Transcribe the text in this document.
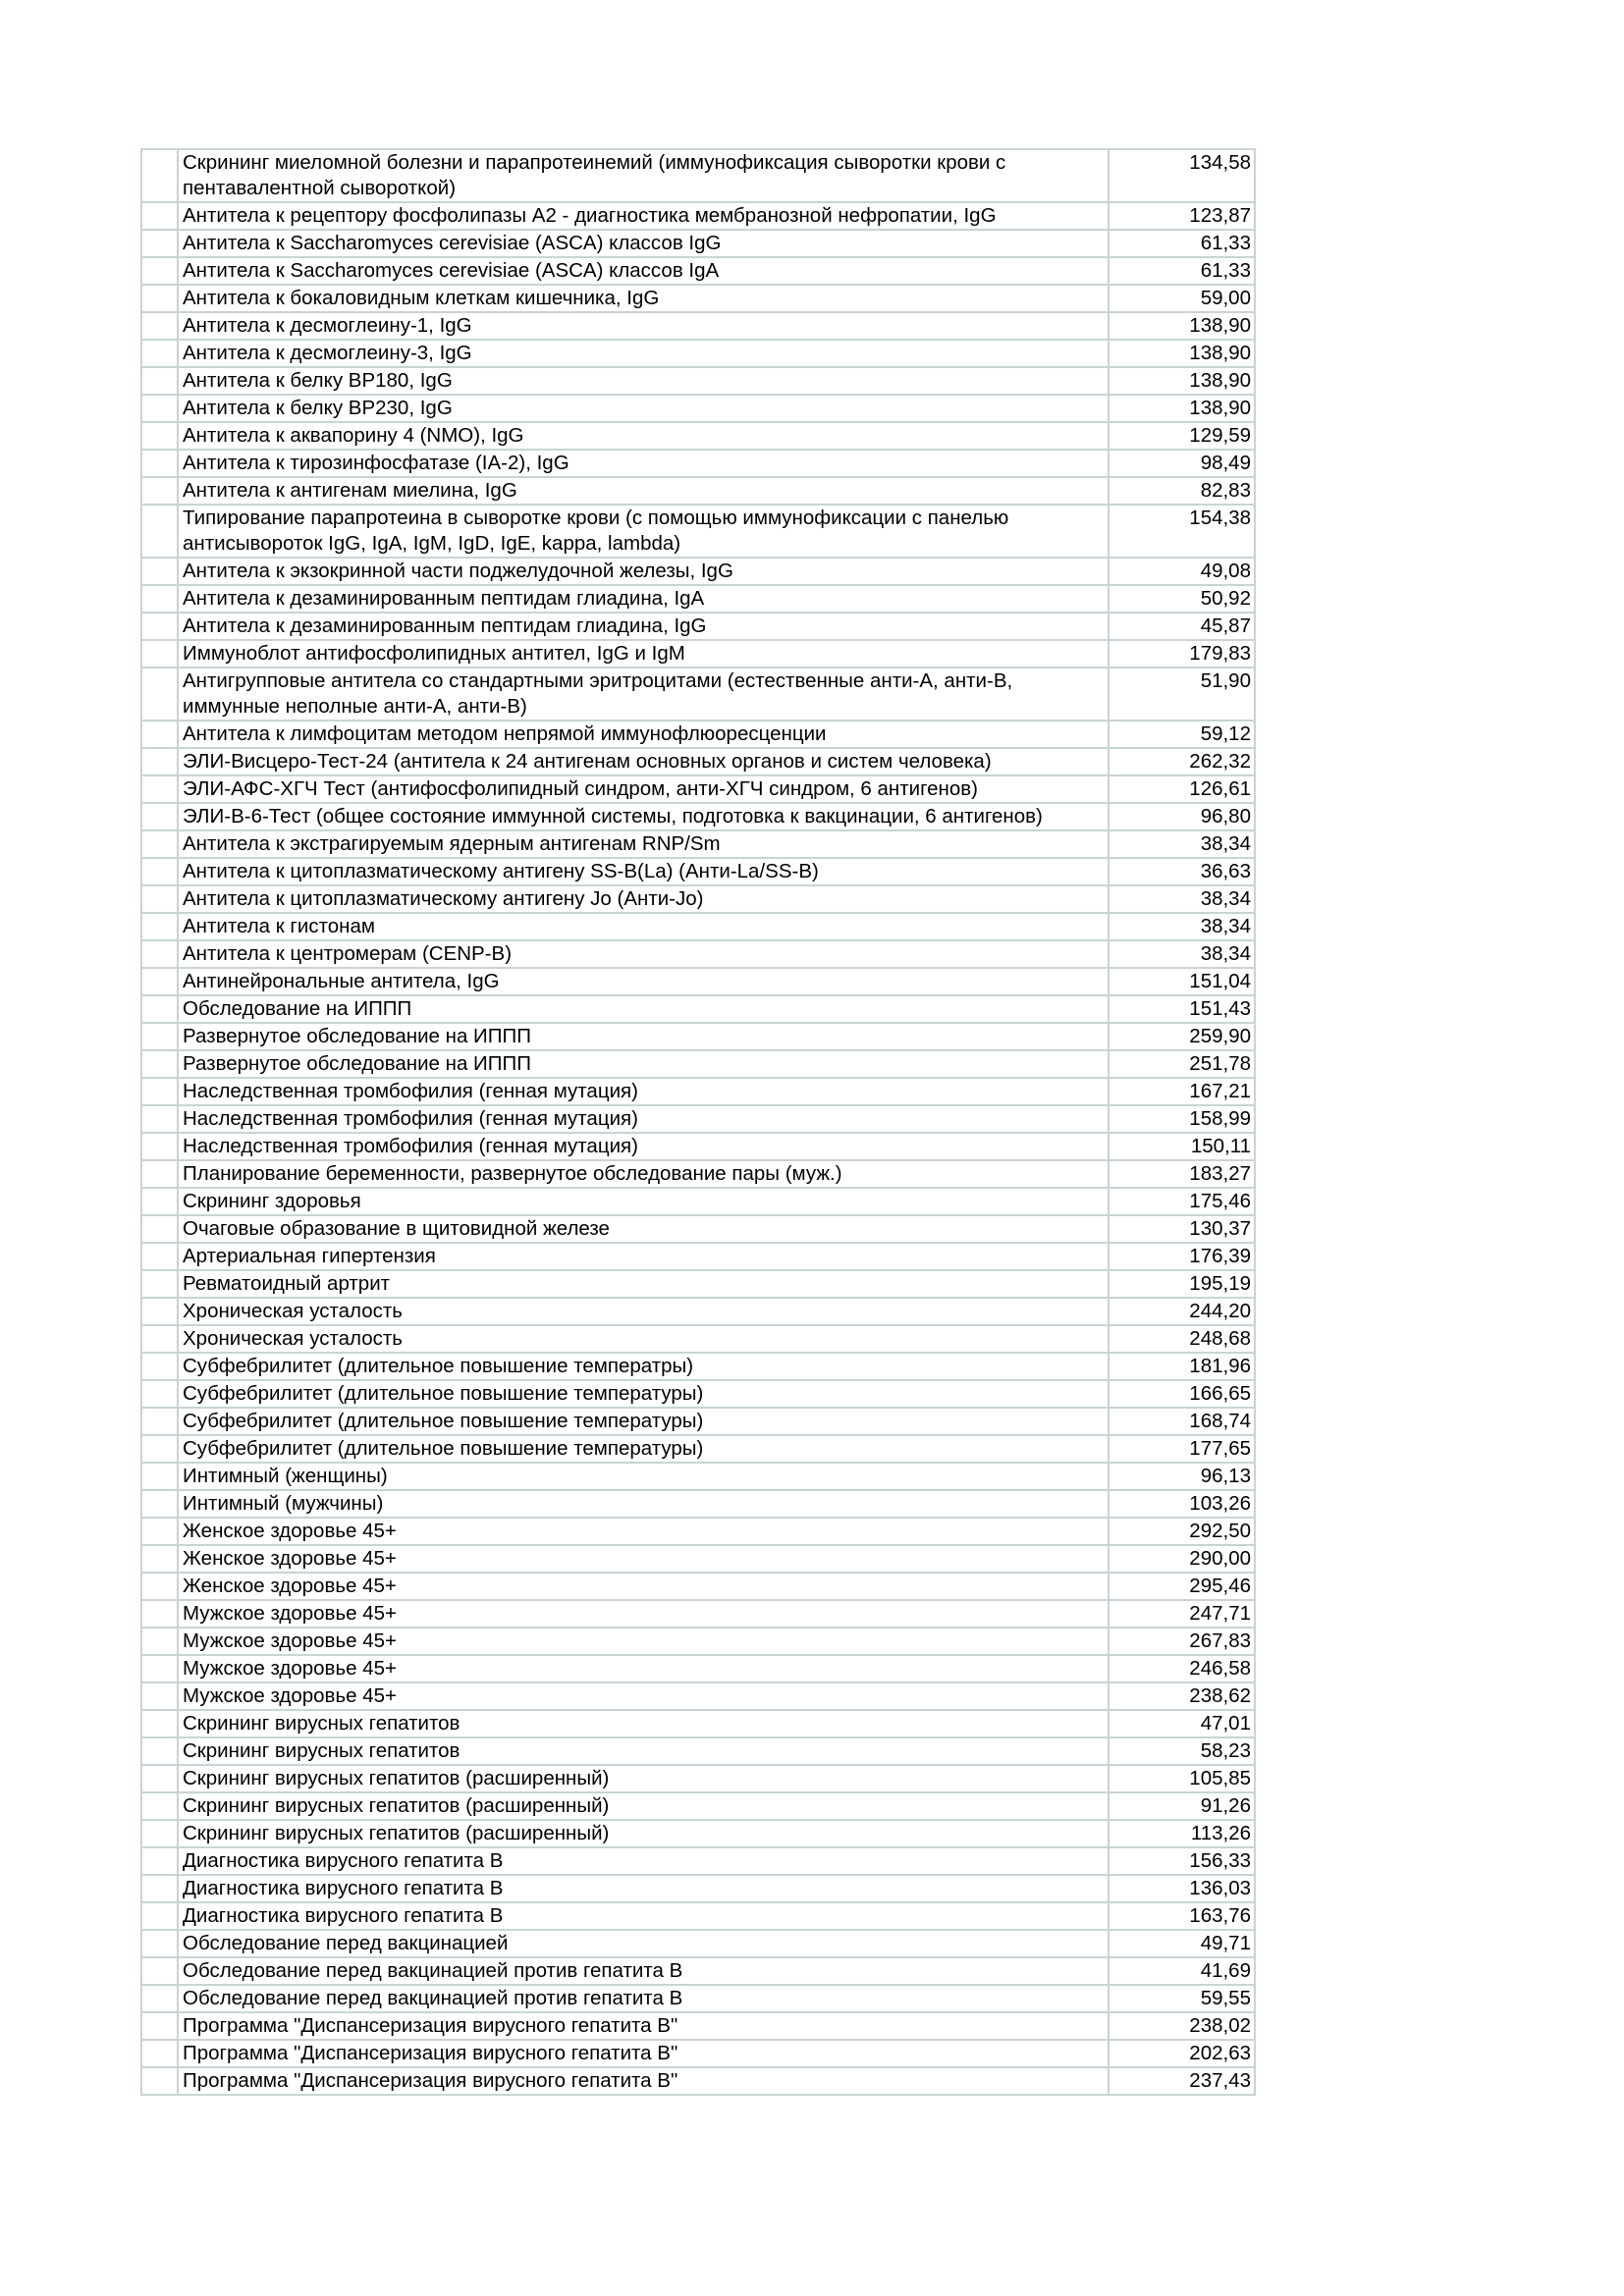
	Скрининг миеломной болезни и парапротеинемий (иммунофиксация сыворотки крови с пентавалентной сывороткой)	134,58
	Антитела к рецептору фосфолипазы А2 - диагностика мембранозной нефропатии, IgG	123,87
	Антитела к Saccharomyces cerevisiae (ASCA) классов IgG	61,33
	Антитела к Saccharomyces cerevisiae (ASCA) классов IgA	61,33
	Антитела к бокаловидным клеткам кишечника, IgG	59,00
	Антитела к десмоглеину-1, IgG	138,90
	Антитела к десмоглеину-3, IgG	138,90
	Антитела к белку BP180, IgG	138,90
	Антитела к белку BP230, IgG	138,90
	Антитела к аквапорину 4 (NMO), IgG	129,59
	Антитела к тирозинфосфатазе (IA-2), IgG	98,49
	Антитела к антигенам миелина, IgG	82,83
	Типирование парапротеина в сыворотке крови (с помощью иммунофиксации с панелью антисывороток IgG, IgA, IgM, IgD, IgE, kappa, lambda)	154,38
	Антитела к экзокринной части поджелудочной железы, IgG	49,08
	Антитела к дезаминированным пептидам глиадина, IgA	50,92
	Антитела к дезаминированным пептидам глиадина, IgG	45,87
	Иммуноблот антифосфолипидных антител, IgG и IgM	179,83
	Антигрупповые антитела со стандартными эритроцитами (естественные анти-А, анти-В, иммунные неполные анти-А, анти-В)	51,90
	Антитела к лимфоцитам методом непрямой иммунофлюоресценции	59,12
	ЭЛИ-Висцеро-Тест-24 (антитела к 24 антигенам основных органов и систем человека)	262,32
	ЭЛИ-АФС-ХГЧ Тест (антифосфолипидный синдром, анти-ХГЧ синдром, 6 антигенов)	126,61
	ЭЛИ-В-6-Тест (общее состояние иммунной системы, подготовка к вакцинации, 6 антигенов)	96,80
	Антитела к экстрагируемым ядерным антигенам RNP/Sm	38,34
	Антитела к цитоплазматическому антигену SS-B(La) (Анти-La/SS-B)	36,63
	Антитела к цитоплазматическому антигену Jo (Анти-Jo)	38,34
	Антитела к гистонам	38,34
	Антитела к центромерам (CENP-B)	38,34
	Антинейрональные антитела, IgG	151,04
	Обследование на ИППП	151,43
	Развернутое обследование на ИППП	259,90
	Развернутое обследование на ИППП	251,78
	Наследственная тромбофилия (генная мутация)	167,21
	Наследственная тромбофилия (генная мутация)	158,99
	Наследственная тромбофилия (генная мутация)	150,11
	Планирование беременности, развернутое обследование пары (муж.)	183,27
	Скрининг здоровья	175,46
	Очаговые образование в щитовидной железе	130,37
	Артериальная гипертензия	176,39
	Ревматоидный артрит	195,19
	Хроническая усталость	244,20
	Хроническая усталость	248,68
	Субфебрилитет (длительное повышение температры)	181,96
	Субфебрилитет (длительное повышение температуры)	166,65
	Субфебрилитет (длительное повышение температуры)	168,74
	Субфебрилитет (длительное повышение температуры)	177,65
	Интимный (женщины)	96,13
	Интимный (мужчины)	103,26
	Женское здоровье 45+	292,50
	Женское здоровье 45+	290,00
	Женское здоровье 45+	295,46
	Мужское здоровье 45+	247,71
	Мужское здоровье 45+	267,83
	Мужское здоровье 45+	246,58
	Мужское здоровье 45+	238,62
	Скрининг вирусных гепатитов	47,01
	Скрининг вирусных гепатитов	58,23
	Скрининг вирусных гепатитов (расширенный)	105,85
	Скрининг вирусных гепатитов (расширенный)	91,26
	Скрининг вирусных гепатитов (расширенный)	113,26
	Диагностика вирусного гепатита В	156,33
	Диагностика вирусного гепатита В	136,03
	Диагностика вирусного гепатита В	163,76
	Обследование перед вакцинацией	49,71
	Обследование перед вакцинацией против гепатита В	41,69
	Обследование перед вакцинацией против гепатита В	59,55
	Программа "Диспансеризация вирусного гепатита В"	238,02
	Программа "Диспансеризация вирусного гепатита В"	202,63
	Программа "Диспансеризация вирусного гепатита В"	237,43
